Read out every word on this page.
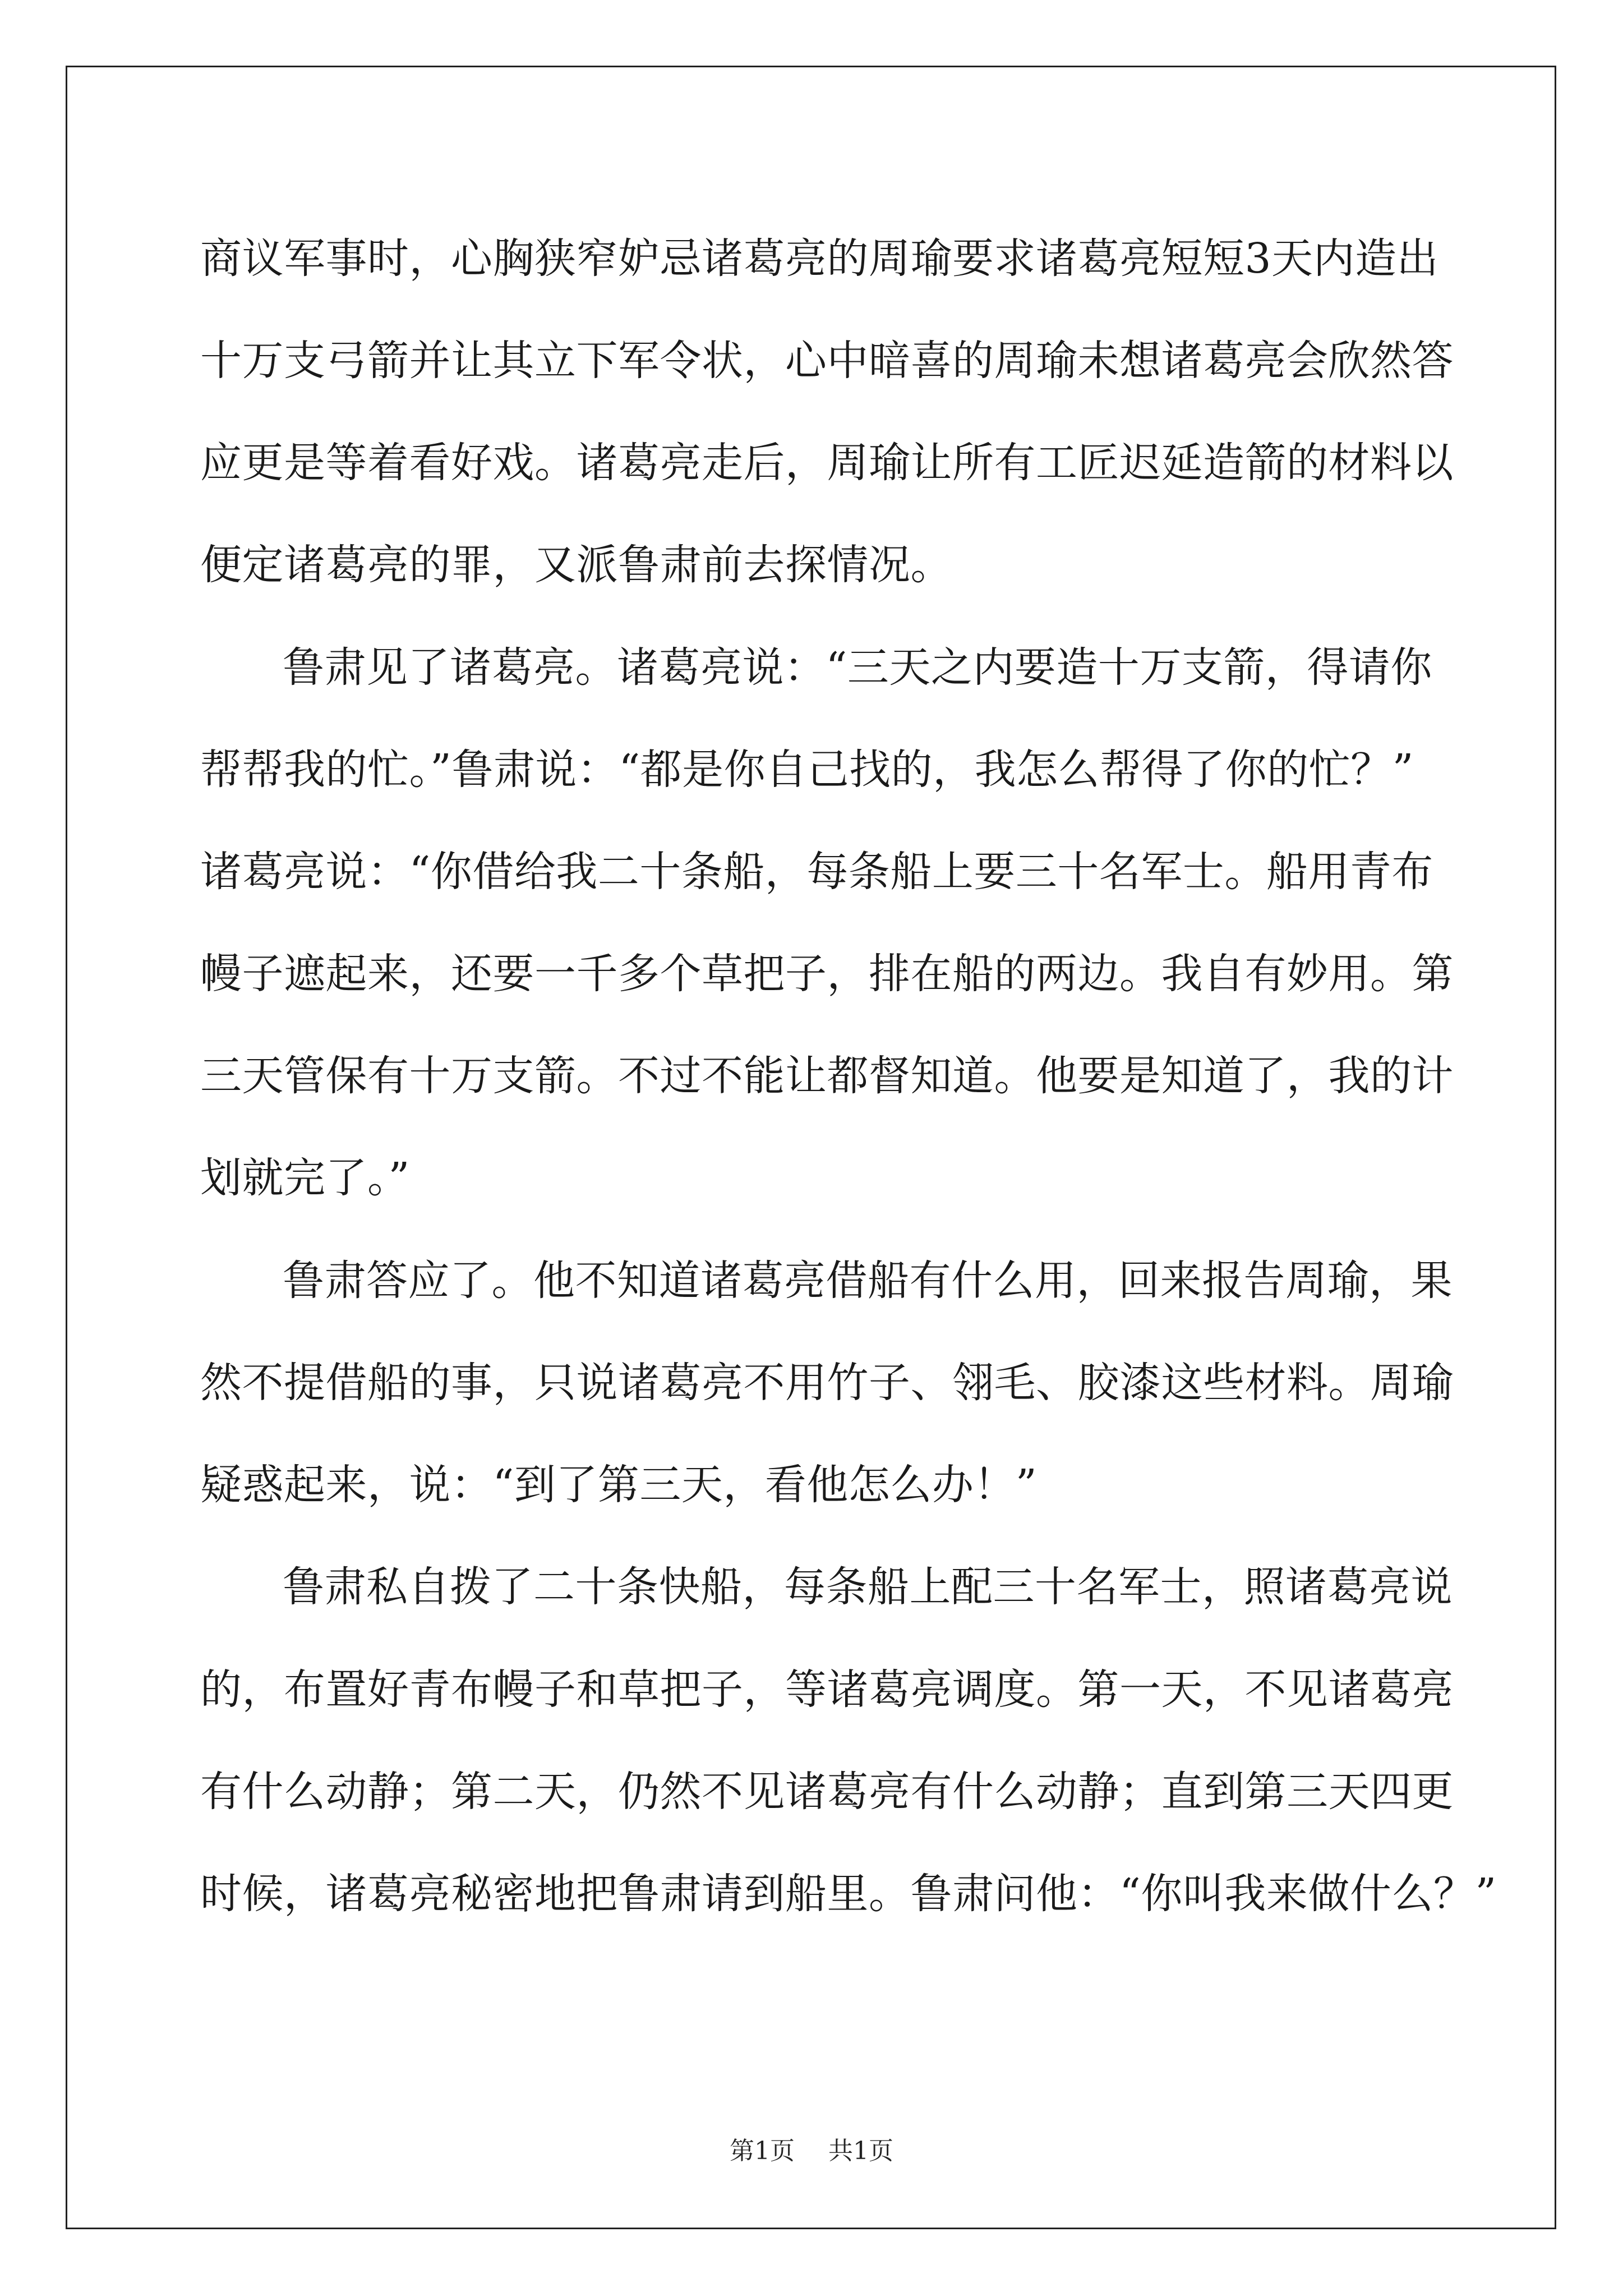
商议军事时，心胸狭窄妒忌诸葛亮的周瑜要求诸葛亮短短3天内造出
十万支弓箭并让其立下军令状，心中暗喜的周瑜未想诸葛亮会欣然答
应更是等着看好戏。诸葛亮走后，周瑜让所有工匠迟延造箭的材料以
便定诸葛亮的罪，又派鲁肃前去探情况。
鲁肃见了诸葛亮。诸葛亮说：“三天之内要造十万支箭，得请你
帮帮我的忙。”鲁肃说：“都是你自己找的，我怎么帮得了你的忙？”
诸葛亮说：“你借给我二十条船，每条船上要三十名军士。船用青布
幔子遮起来，还要一千多个草把子，排在船的两边。我自有妙用。第
三天管保有十万支箭。不过不能让都督知道。他要是知道了，我的计
划就完了。”
鲁肃答应了。他不知道诸葛亮借船有什么用，回来报告周瑜，果
然不提借船的事，只说诸葛亮不用竹子、翎毛、胶漆这些材料。周瑜
疑惑起来，说：“到了第三天，看他怎么办！”
鲁肃私自拨了二十条快船，每条船上配三十名军士，照诸葛亮说
的，布置好青布幔子和草把子，等诸葛亮调度。第一天，不见诸葛亮
有什么动静；第二天，仍然不见诸葛亮有什么动静；直到第三天四更
时候，诸葛亮秘密地把鲁肃请到船里。鲁肃问他：“你叫我来做什么？”
第1页 共1页
